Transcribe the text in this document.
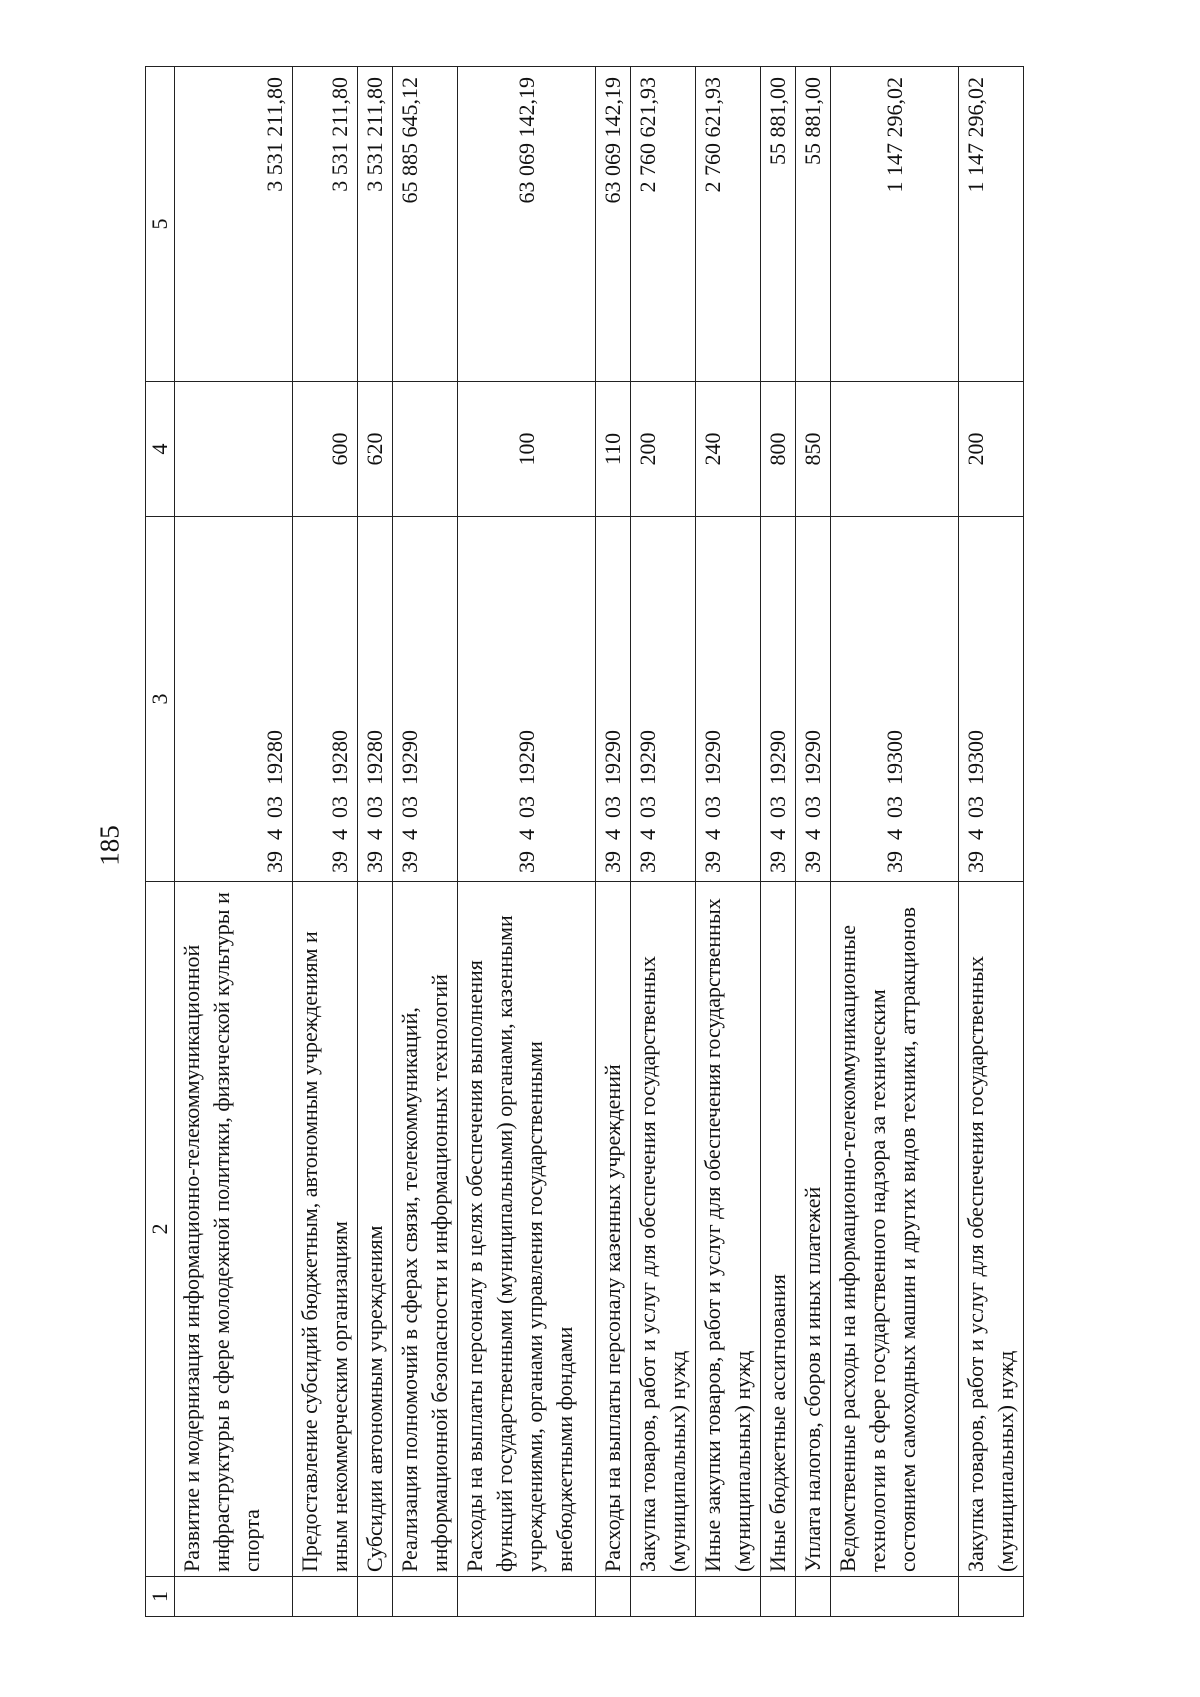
185
1	2	3	4	5
	Развитие и модернизация информационно-телекоммуникационной инфраструктуры в сфере молодежной политики, физической культуры и спорта	39  4  03  19280		3 531 211,80
	Предоставление субсидий бюджетным, автономным учреждениям и иным некоммерческим организациям	39  4  03  19280	600	3 531 211,80
	Субсидии автономным учреждениям	39  4  03  19280	620	3 531 211,80
	Реализация полномочий в сферах связи, телекоммуникаций, информационной безопасности и информационных технологий	39  4  03  19290		65 885 645,12
	Расходы на выплаты персоналу в целях обеспечения выполнения функций государственными (муниципальными) органами, казенными учреждениями, органами управления государственными внебюджетными фондами	39  4  03  19290	100	63 069 142,19
	Расходы на выплаты персоналу казенных учреждений	39  4  03  19290	110	63 069 142,19
	Закупка товаров, работ и услуг для обеспечения государственных (муниципальных) нужд	39  4  03  19290	200	2 760 621,93
	Иные закупки товаров, работ и услуг для обеспечения государственных (муниципальных) нужд	39  4  03  19290	240	2 760 621,93
	Иные бюджетные ассигнования	39  4  03  19290	800	55 881,00
	Уплата налогов, сборов и иных платежей	39  4  03  19290	850	55 881,00
	Ведомственные расходы на информационно-телекоммуникационные технологии в сфере государственного надзора за техническим состоянием самоходных машин и других видов техники, аттракционов	39  4  03  19300		1 147 296,02
	Закупка товаров, работ и услуг для обеспечения государственных (муниципальных) нужд	39  4  03  19300	200	1 147 296,02
